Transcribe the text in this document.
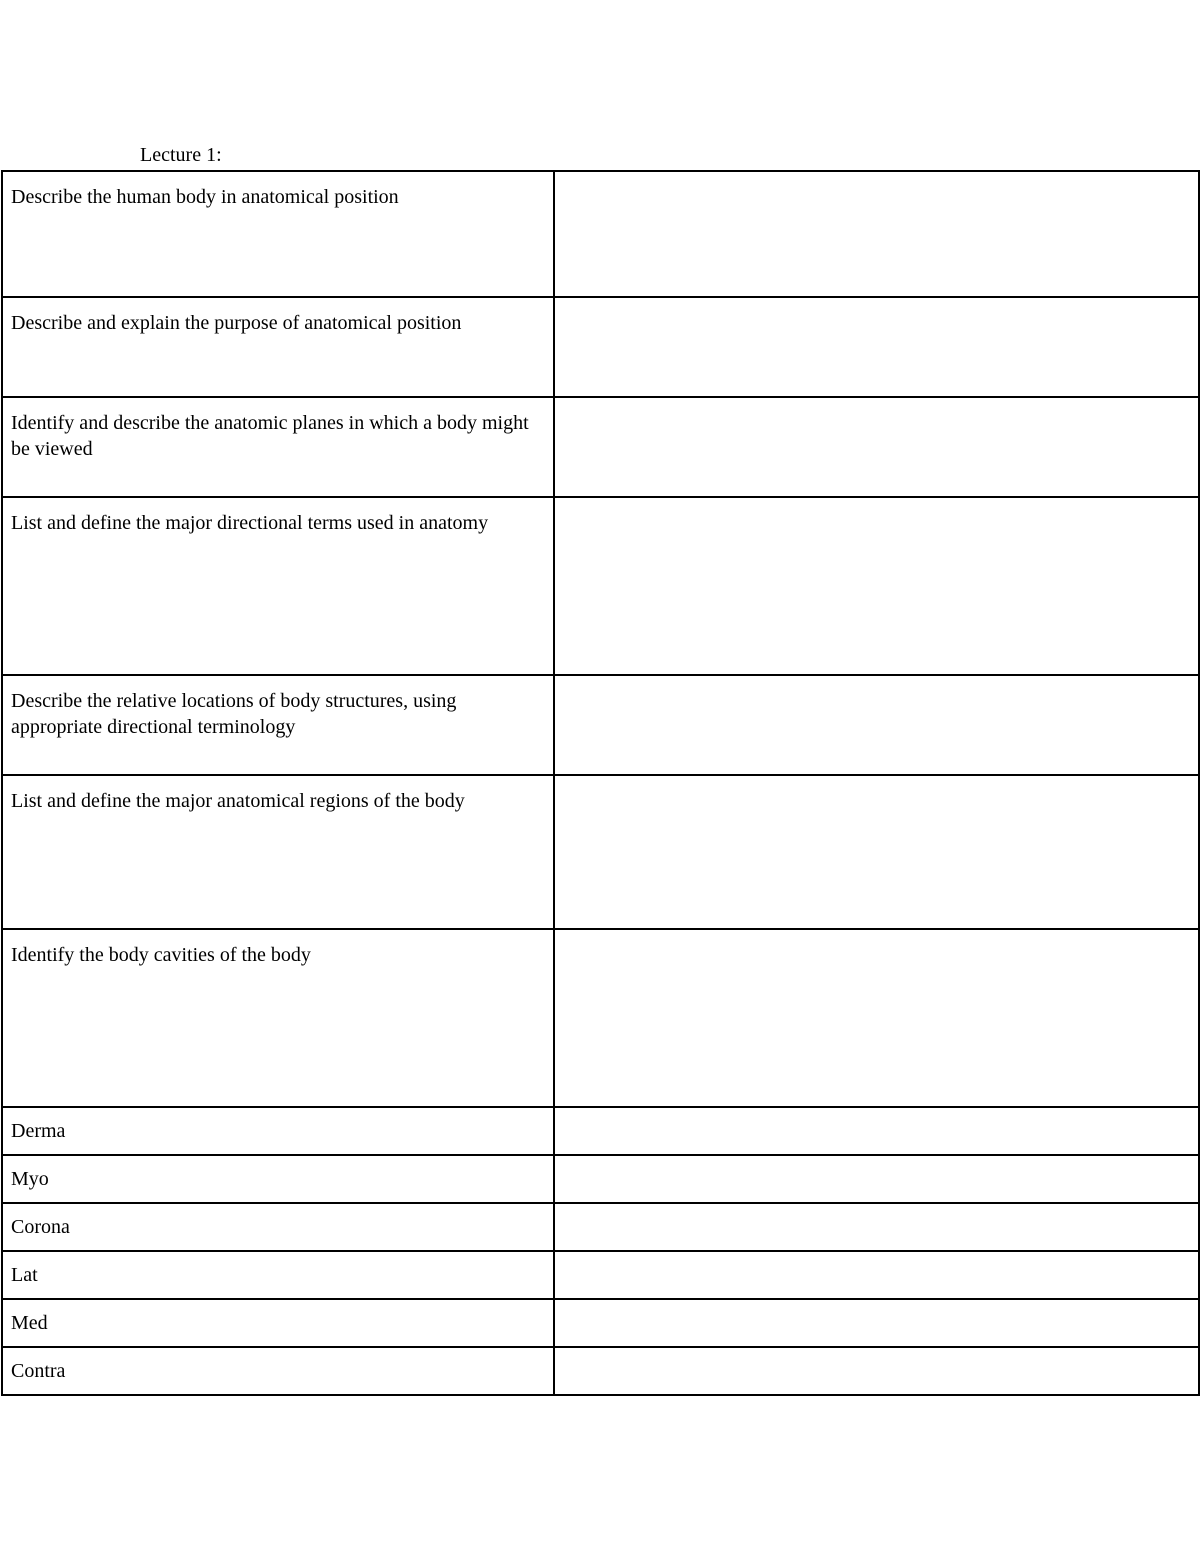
Lecture 1:
Describe the human body in anatomical position	
Describe and explain the purpose of anatomical position	
Identify and describe the anatomic planes in which a body might be viewed	
List and define the major directional terms used in anatomy	
Describe the relative locations of body structures, using appropriate directional terminology	
List and define the major anatomical regions of the body	
Identify the body cavities of the body	
Derma	
Myo	
Corona	
Lat	
Med	
Contra	
